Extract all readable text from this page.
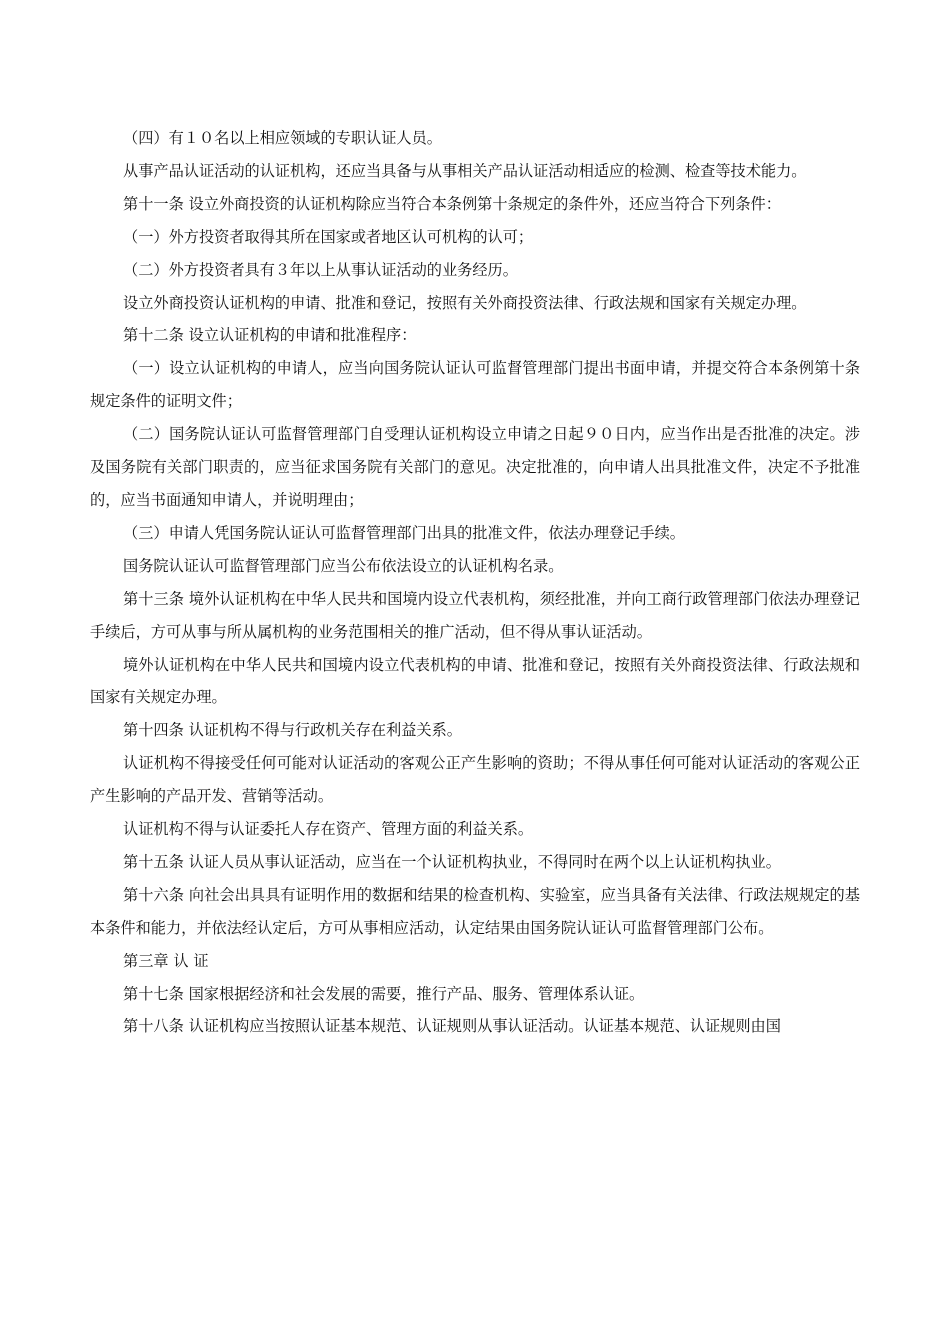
（四）有１０名以上相应领域的专职认证人员。

从事产品认证活动的认证机构，还应当具备与从事相关产品认证活动相适应的检测、检查等技术能力。

第十一条 设立外商投资的认证机构除应当符合本条例第十条规定的条件外，还应当符合下列条件：

（一）外方投资者取得其所在国家或者地区认可机构的认可；

（二）外方投资者具有３年以上从事认证活动的业务经历。

设立外商投资认证机构的申请、批准和登记，按照有关外商投资法律、行政法规和国家有关规定办理。

第十二条 设立认证机构的申请和批准程序：

（一）设立认证机构的申请人，应当向国务院认证认可监督管理部门提出书面申请，并提交符合本条例第十条规定条件的证明文件；

（二）国务院认证认可监督管理部门自受理认证机构设立申请之日起９０日内，应当作出是否批准的决定。涉及国务院有关部门职责的，应当征求国务院有关部门的意见。决定批准的，向申请人出具批准文件，决定不予批准的，应当书面通知申请人，并说明理由；

（三）申请人凭国务院认证认可监督管理部门出具的批准文件，依法办理登记手续。

国务院认证认可监督管理部门应当公布依法设立的认证机构名录。

第十三条 境外认证机构在中华人民共和国境内设立代表机构，须经批准，并向工商行政管理部门依法办理登记手续后，方可从事与所从属机构的业务范围相关的推广活动，但不得从事认证活动。

境外认证机构在中华人民共和国境内设立代表机构的申请、批准和登记，按照有关外商投资法律、行政法规和国家有关规定办理。

第十四条 认证机构不得与行政机关存在利益关系。

认证机构不得接受任何可能对认证活动的客观公正产生影响的资助；不得从事任何可能对认证活动的客观公正产生影响的产品开发、营销等活动。

认证机构不得与认证委托人存在资产、管理方面的利益关系。

第十五条 认证人员从事认证活动，应当在一个认证机构执业，不得同时在两个以上认证机构执业。

第十六条 向社会出具具有证明作用的数据和结果的检查机构、实验室，应当具备有关法律、行政法规规定的基本条件和能力，并依法经认定后，方可从事相应活动，认定结果由国务院认证认可监督管理部门公布。

第三章 认 证

第十七条 国家根据经济和社会发展的需要，推行产品、服务、管理体系认证。

第十八条 认证机构应当按照认证基本规范、认证规则从事认证活动。认证基本规范、认证规则由国
